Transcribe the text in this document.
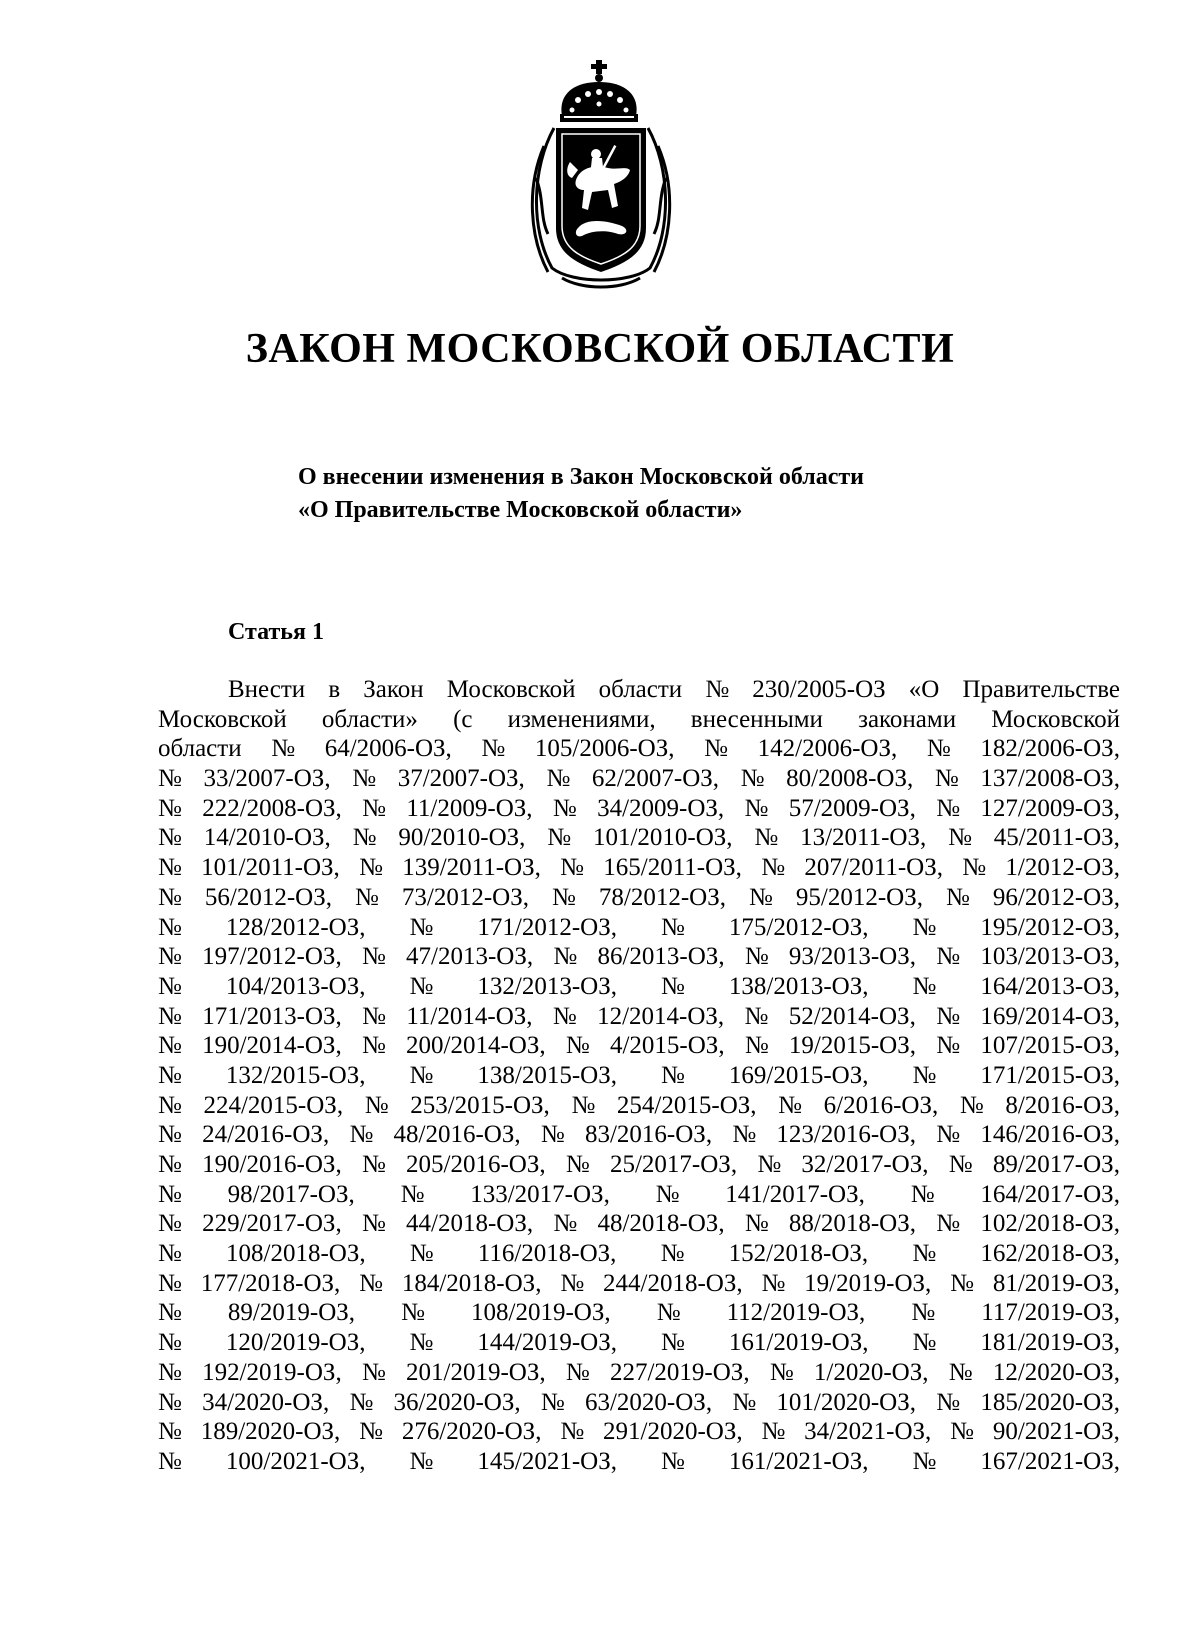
ЗАКОН МОСКОВСКОЙ ОБЛАСТИ
О внесении изменения в Закон Московской области
«О Правительстве Московской области»
Статья 1
Внести в Закон Московской области № 230/2005-ОЗ «О Правительстве
Московской области» (с изменениями, внесенными законами Московской
области № 64/2006-ОЗ, № 105/2006-ОЗ, № 142/2006-ОЗ, № 182/2006-ОЗ,
№ 33/2007-ОЗ, № 37/2007-ОЗ, № 62/2007-ОЗ, № 80/2008-ОЗ, № 137/2008-ОЗ,
№ 222/2008-ОЗ, № 11/2009-ОЗ, № 34/2009-ОЗ, № 57/2009-ОЗ, № 127/2009-ОЗ,
№ 14/2010-ОЗ, № 90/2010-ОЗ, № 101/2010-ОЗ, № 13/2011-ОЗ, № 45/2011-ОЗ,
№ 101/2011-ОЗ, № 139/2011-ОЗ, № 165/2011-ОЗ, № 207/2011-ОЗ, № 1/2012-ОЗ,
№ 56/2012-ОЗ, № 73/2012-ОЗ, № 78/2012-ОЗ, № 95/2012-ОЗ, № 96/2012-ОЗ,
№ 128/2012-ОЗ, № 171/2012-ОЗ, № 175/2012-ОЗ, № 195/2012-ОЗ,
№ 197/2012-ОЗ, № 47/2013-ОЗ, № 86/2013-ОЗ, № 93/2013-ОЗ, № 103/2013-ОЗ,
№ 104/2013-ОЗ, № 132/2013-ОЗ, № 138/2013-ОЗ, № 164/2013-ОЗ,
№ 171/2013-ОЗ, № 11/2014-ОЗ, № 12/2014-ОЗ, № 52/2014-ОЗ, № 169/2014-ОЗ,
№ 190/2014-ОЗ, № 200/2014-ОЗ, № 4/2015-ОЗ, № 19/2015-ОЗ, № 107/2015-ОЗ,
№ 132/2015-ОЗ, № 138/2015-ОЗ, № 169/2015-ОЗ, № 171/2015-ОЗ,
№ 224/2015-ОЗ, № 253/2015-ОЗ, № 254/2015-ОЗ, № 6/2016-ОЗ, № 8/2016-ОЗ,
№ 24/2016-ОЗ, № 48/2016-ОЗ, № 83/2016-ОЗ, № 123/2016-ОЗ, № 146/2016-ОЗ,
№ 190/2016-ОЗ, № 205/2016-ОЗ, № 25/2017-ОЗ, № 32/2017-ОЗ, № 89/2017-ОЗ,
№ 98/2017-ОЗ, № 133/2017-ОЗ, № 141/2017-ОЗ, № 164/2017-ОЗ,
№ 229/2017-ОЗ, № 44/2018-ОЗ, № 48/2018-ОЗ, № 88/2018-ОЗ, № 102/2018-ОЗ,
№ 108/2018-ОЗ, № 116/2018-ОЗ, № 152/2018-ОЗ, № 162/2018-ОЗ,
№ 177/2018-ОЗ, № 184/2018-ОЗ, № 244/2018-ОЗ, № 19/2019-ОЗ, № 81/2019-ОЗ,
№ 89/2019-ОЗ, № 108/2019-ОЗ, № 112/2019-ОЗ, № 117/2019-ОЗ,
№ 120/2019-ОЗ, № 144/2019-ОЗ, № 161/2019-ОЗ, № 181/2019-ОЗ,
№ 192/2019-ОЗ, № 201/2019-ОЗ, № 227/2019-ОЗ, № 1/2020-ОЗ, № 12/2020-ОЗ,
№ 34/2020-ОЗ, № 36/2020-ОЗ, № 63/2020-ОЗ, № 101/2020-ОЗ, № 185/2020-ОЗ,
№ 189/2020-ОЗ, № 276/2020-ОЗ, № 291/2020-ОЗ, № 34/2021-ОЗ, № 90/2021-ОЗ,
№ 100/2021-ОЗ, № 145/2021-ОЗ, № 161/2021-ОЗ, № 167/2021-ОЗ,
